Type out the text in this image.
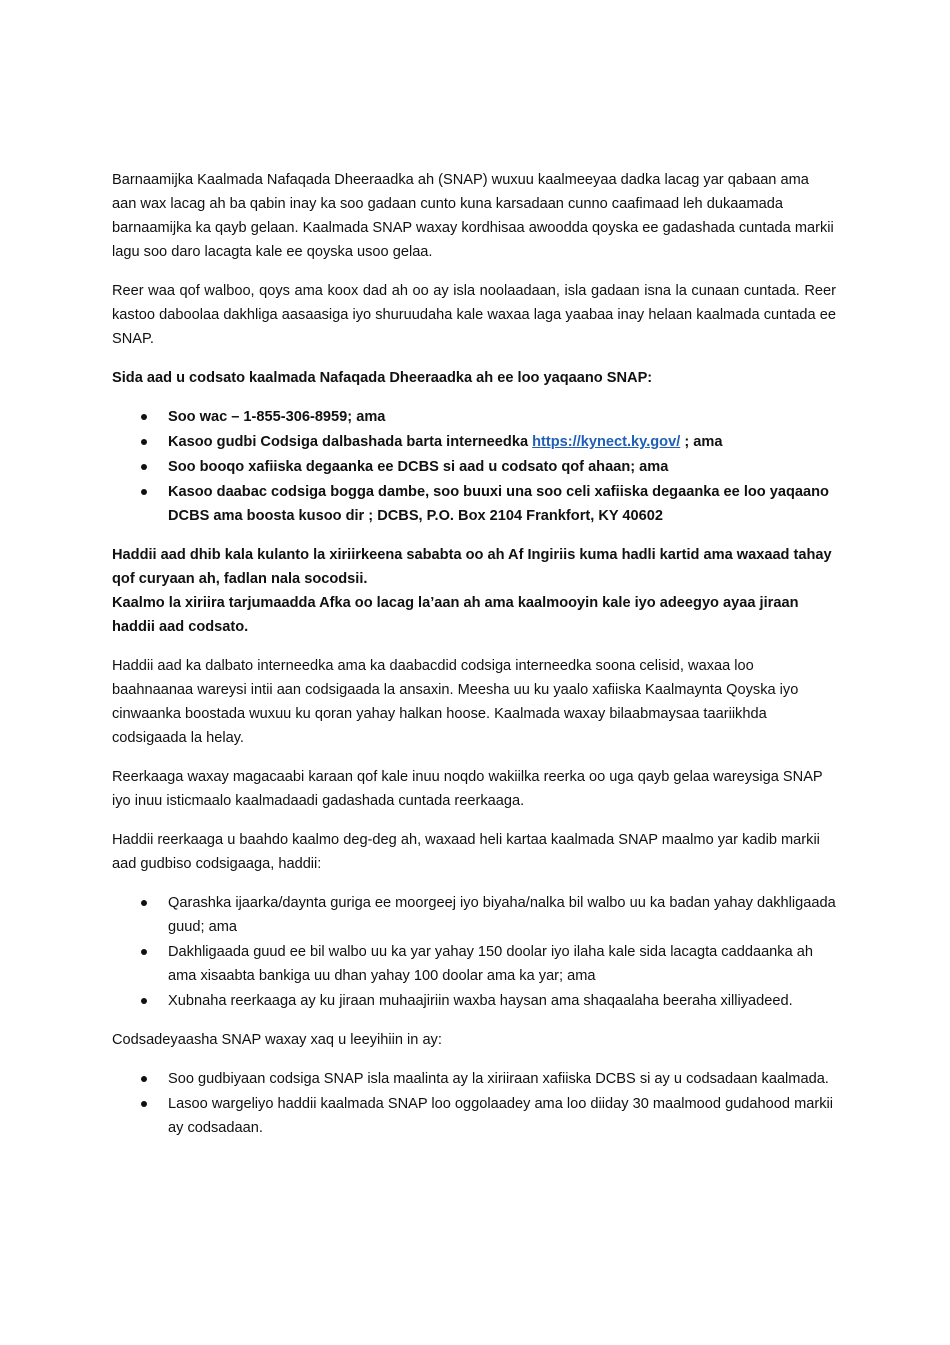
Barnaamijka Kaalmada Nafaqada Dheeraadka ah (SNAP) wuxuu kaalmeeyaa dadka lacag yar qabaan ama aan wax lacag ah ba qabin inay ka soo gadaan cunto kuna karsadaan cunno caafimaad leh dukaamada barnaamijka ka qayb gelaan. Kaalmada SNAP waxay kordhisaa awoodda qoyska ee gadashada cuntada markii lagu soo daro lacagta kale ee qoyska usoo gelaa.

Reer waa qof walboo, qoys ama koox dad ah oo ay isla noolaadaan, isla gadaan isna la cunaan cuntada. Reer kastoo daboolaa dakhliga aasaasiga iyo shuruudaha kale waxaa laga yaabaa inay helaan kaalmada cuntada ee SNAP.

Sida aad u codsato kaalmada Nafaqada Dheeraadka ah ee loo yaqaano SNAP:

Soo wac – 1-855-306-8959; ama
Kasoo gudbi Codsiga dalbashada barta interneedka https://kynect.ky.gov/ ; ama
Soo booqo xafiiska degaanka ee DCBS si aad u codsato qof ahaan; ama
Kasoo daabac codsiga bogga dambe, soo buuxi una soo celi xafiiska degaanka ee loo yaqaano DCBS ama boosta kusoo dir ; DCBS, P.O. Box 2104 Frankfort, KY 40602

Haddii aad dhib kala kulanto la xiriirkeena sababta oo ah Af Ingiriis kuma hadli kartid ama waxaad tahay qof curyaan ah, fadlan nala socodsii.

Kaalmo la xiriira tarjumaadda Afka oo lacag la’aan ah ama kaalmooyin kale iyo adeegyo ayaa jiraan haddii aad codsato.

Haddii aad ka dalbato interneedka ama ka daabacdid codsiga interneedka soona celisid, waxaa loo baahnaanaa wareysi intii aan codsigaada la ansaxin. Meesha uu ku yaalo xafiiska Kaalmaynta Qoyska iyo cinwaanka boostada wuxuu ku qoran yahay halkan hoose. Kaalmada waxay bilaabmaysaa taariikhda codsigaada la helay.

Reerkaaga waxay magacaabi karaan qof kale inuu noqdo wakiilka reerka oo uga qayb gelaa wareysiga SNAP iyo inuu isticmaalo kaalmadaadi gadashada cuntada reerkaaga.

Haddii reerkaaga u baahdo kaalmo deg-deg ah, waxaad heli kartaa kaalmada SNAP maalmo yar kadib markii aad gudbiso codsigaaga, haddii:

Qarashka ijaarka/daynta guriga ee moorgeej iyo biyaha/nalka bil walbo uu ka badan yahay dakhligaada guud; ama
Dakhligaada guud ee bil walbo uu ka yar yahay 150 doolar iyo ilaha kale sida lacagta caddaanka ah ama xisaabta bankiga uu dhan yahay 100 doolar ama ka yar; ama
Xubnaha reerkaaga ay ku jiraan muhaajiriin waxba haysan ama shaqaalaha beeraha xilliyadeed.

Codsadeyaasha SNAP waxay xaq u leeyihiin in ay:

Soo gudbiyaan codsiga SNAP isla maalinta ay la xiriiraan xafiiska DCBS si ay u codsadaan kaalmada.
Lasoo wargeliyo haddii kaalmada SNAP loo oggolaadey ama loo diiday 30 maalmood gudahood markii ay codsadaan.
